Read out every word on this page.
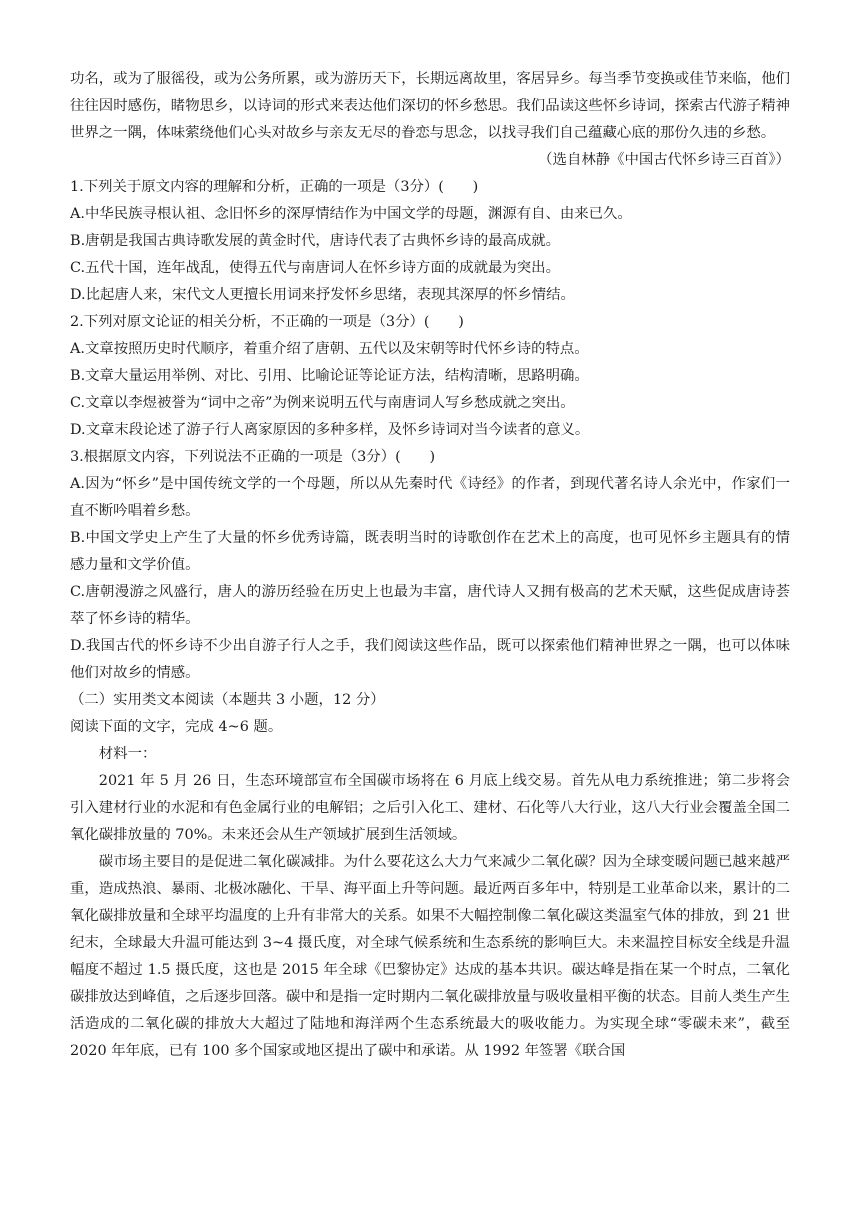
功名，或为了服徭役，或为公务所累，或为游历天下，长期远离故里，客居异乡。每当季节变换或佳节来临，他们往往因时感伤，睹物思乡，以诗词的形式来表达他们深切的怀乡愁思。我们品读这些怀乡诗词，探索古代游子精神世界之一隅，体味萦绕他们心头对故乡与亲友无尽的眷恋与思念，以找寻我们自己蕴藏心底的那份久违的乡愁。

（选自林静《中国古代怀乡诗三百首》）

1.下列关于原文内容的理解和分析，正确的一项是（3分）(　　)

A.中华民族寻根认祖、念旧怀乡的深厚情结作为中国文学的母题，渊源有自、由来已久。

B.唐朝是我国古典诗歌发展的黄金时代，唐诗代表了古典怀乡诗的最高成就。

C.五代十国，连年战乱，使得五代与南唐词人在怀乡诗方面的成就最为突出。

D.比起唐人来，宋代文人更擅长用词来抒发怀乡思绪，表现其深厚的怀乡情结。

2.下列对原文论证的相关分析，不正确的一项是（3分）(　　)

A.文章按照历史时代顺序，着重介绍了唐朝、五代以及宋朝等时代怀乡诗的特点。

B.文章大量运用举例、对比、引用、比喻论证等论证方法，结构清晰，思路明确。

C.文章以李煜被誉为“词中之帝”为例来说明五代与南唐词人写乡愁成就之突出。

D.文章末段论述了游子行人离家原因的多种多样，及怀乡诗词对当今读者的意义。

3.根据原文内容，下列说法不正确的一项是（3分）(　　)

A.因为“怀乡”是中国传统文学的一个母题，所以从先秦时代《诗经》的作者，到现代著名诗人余光中，作家们一直不断吟唱着乡愁。

B.中国文学史上产生了大量的怀乡优秀诗篇，既表明当时的诗歌创作在艺术上的高度，也可见怀乡主题具有的情感力量和文学价值。

C.唐朝漫游之风盛行，唐人的游历经验在历史上也最为丰富，唐代诗人又拥有极高的艺术天赋，这些促成唐诗荟萃了怀乡诗的精华。

D.我国古代的怀乡诗不少出自游子行人之手，我们阅读这些作品，既可以探索他们精神世界之一隅，也可以体味他们对故乡的情感。

（二）实用类文本阅读（本题共 3 小题，12 分）

阅读下面的文字，完成 4~6 题。

材料一：

2021 年 5 月 26 日，生态环境部宣布全国碳市场将在 6 月底上线交易。首先从电力系统推进；第二步将会引入建材行业的水泥和有色金属行业的电解铝；之后引入化工、建材、石化等八大行业，这八大行业会覆盖全国二氧化碳排放量的 70%。未来还会从生产领域扩展到生活领域。

碳市场主要目的是促进二氧化碳减排。为什么要花这么大力气来减少二氧化碳？因为全球变暖问题已越来越严重，造成热浪、暴雨、北极冰融化、干旱、海平面上升等问题。最近两百多年中，特别是工业革命以来，累计的二氧化碳排放量和全球平均温度的上升有非常大的关系。如果不大幅控制像二氧化碳这类温室气体的排放，到 21 世纪末，全球最大升温可能达到 3~4 摄氏度，对全球气候系统和生态系统的影响巨大。未来温控目标安全线是升温幅度不超过 1.5 摄氏度，这也是 2015 年全球《巴黎协定》达成的基本共识。碳达峰是指在某一个时点，二氧化碳排放达到峰值，之后逐步回落。碳中和是指一定时期内二氧化碳排放量与吸收量相平衡的状态。目前人类生产生活造成的二氧化碳的排放大大超过了陆地和海洋两个生态系统最大的吸收能力。为实现全球“零碳未来”，截至 2020 年年底，已有 100 多个国家或地区提出了碳中和承诺。从 1992 年签署《联合国
